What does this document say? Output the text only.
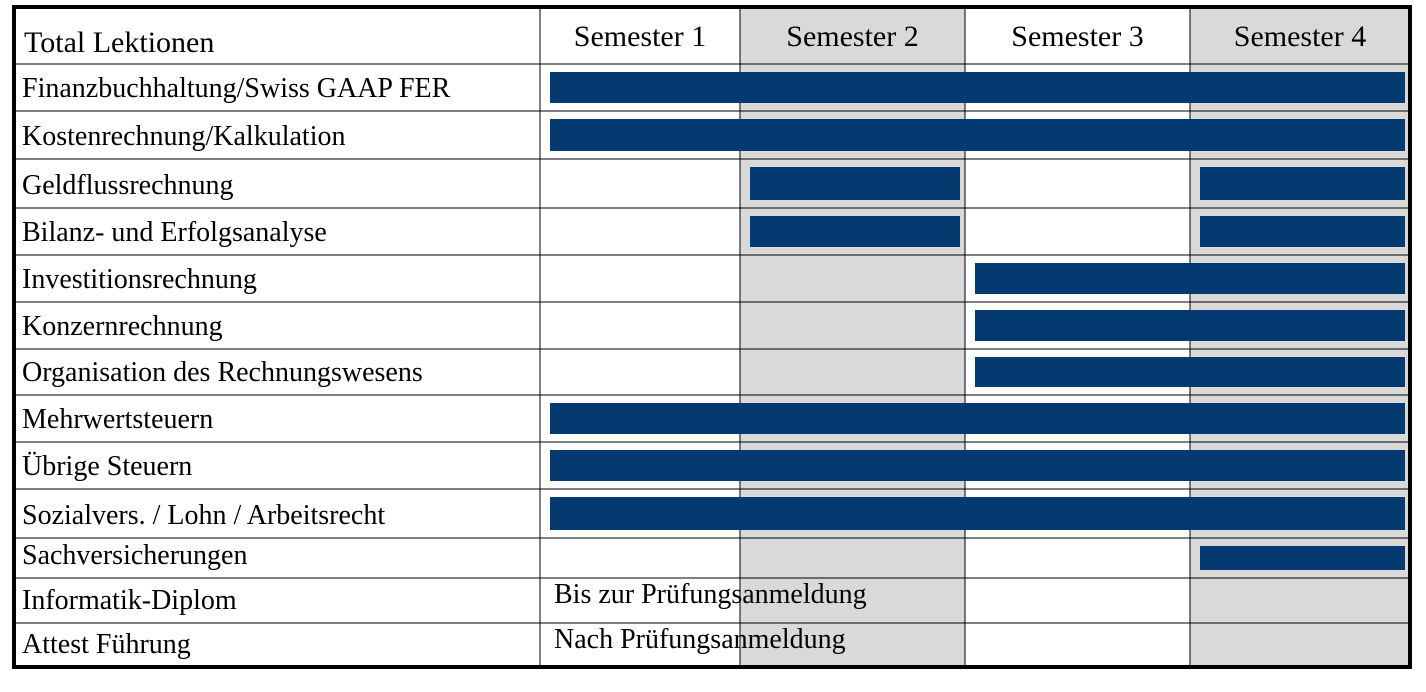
Total Lektionen	Semester 1	Semester 2	Semester 3	Semester 4
Finanzbuchhaltung/Swiss GAAP FER
Kostenrechnung/Kalkulation
Geldflussrechnung
Bilanz- und Erfolgsanalyse
Investitionsrechnung
Konzernrechnung
Organisation des Rechnungswesens
Mehrwertsteuern
Übrige Steuern
Sozialvers. / Lohn / Arbeitsrecht
Sachversicherungen
Informatik-Diplom	Bis zur Prüfungsanmeldung
Attest Führung	Nach Prüfungsanmeldung
